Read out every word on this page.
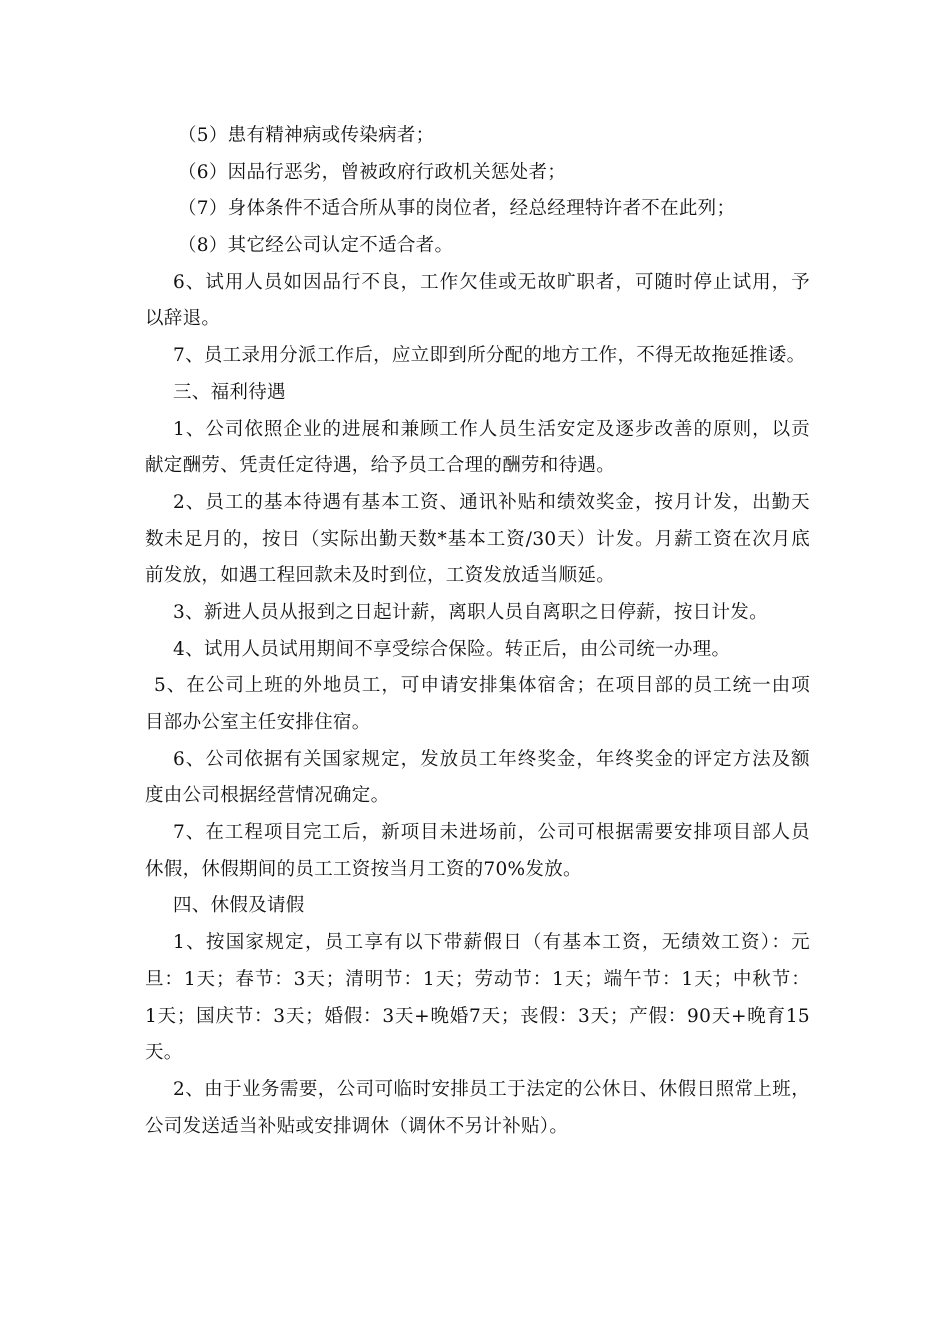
（5）患有精神病或传染病者；
（6）因品行恶劣，曾被政府行政机关惩处者；
（7）身体条件不适合所从事的岗位者，经总经理特许者不在此列；
（8）其它经公司认定不适合者。
6、试用人员如因品行不良，工作欠佳或无故旷职者，可随时停止试用，予
以辞退。
7、员工录用分派工作后，应立即到所分配的地方工作，不得无故拖延推诿。
三、福利待遇
1、公司依照企业的进展和兼顾工作人员生活安定及逐步改善的原则，以贡
献定酬劳、凭责任定待遇，给予员工合理的酬劳和待遇。
2、员工的基本待遇有基本工资、通讯补贴和绩效奖金，按月计发，出勤天
数未足月的，按日（实际出勤天数*基本工资/30天）计发。月薪工资在次月底
前发放，如遇工程回款未及时到位，工资发放适当顺延。
3、新进人员从报到之日起计薪，离职人员自离职之日停薪，按日计发。
4、试用人员试用期间不享受综合保险。转正后，由公司统一办理。
5、在公司上班的外地员工，可申请安排集体宿舍；在项目部的员工统一由项
目部办公室主任安排住宿。
6、公司依据有关国家规定，发放员工年终奖金，年终奖金的评定方法及额
度由公司根据经营情况确定。
7、在工程项目完工后，新项目未进场前，公司可根据需要安排项目部人员
休假，休假期间的员工工资按当月工资的70%发放。
四、休假及请假
1、按国家规定，员工享有以下带薪假日（有基本工资，无绩效工资）：元
旦：1天；春节：3天；清明节：1天；劳动节：1天；端午节：1天；中秋节：
1天；国庆节：3天；婚假：3天+晚婚7天；丧假：3天；产假：90天+晚育15
天。
2、由于业务需要，公司可临时安排员工于法定的公休日、休假日照常上班，
公司发送适当补贴或安排调休（调休不另计补贴）。
